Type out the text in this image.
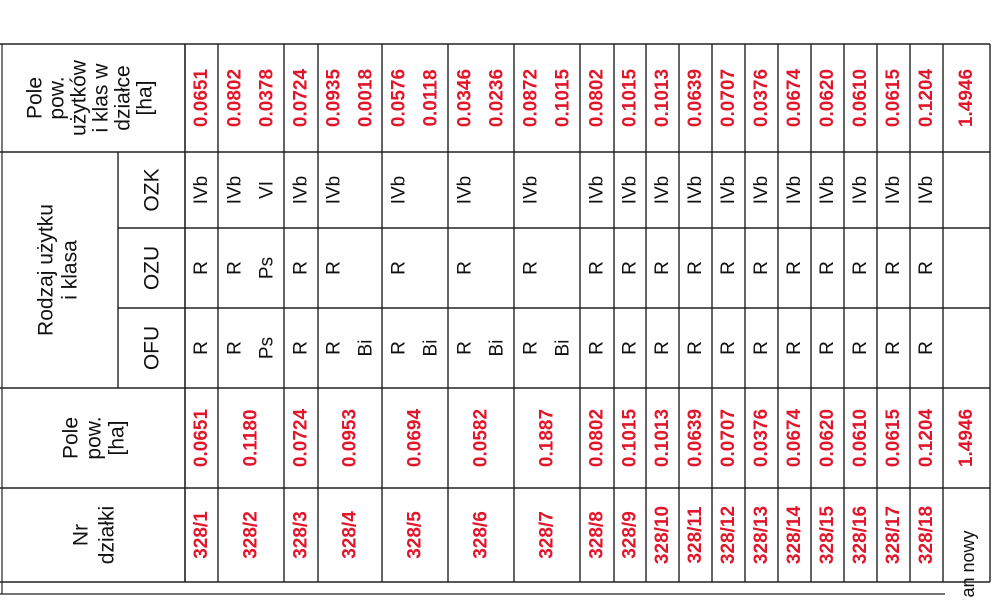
Nr działki
Pole pow. [ha]
Rodzaj użytku i klasa
OFU
OZU
OZK
Pole pow. użytków i klas w działce [ha]
328/1
0.0651
R
R
IVb
0.0651
328/2
0.1180
R Ps
R Ps
IVb VI
0.0802 0.0378
328/3
0.0724
R
R
IVb
0.0724
328/4
0.0953
R Bi
R
IVb
0.0935 0.0018
328/5
0.0694
R Bi
R
IVb
0.0576 0.0118
328/6
0.0582
R Bi
R
IVb
0.0346 0.0236
328/7
0.1887
R Bi
R
IVb
0.0872 0.1015
328/8
0.0802
R
R
IVb
0.0802
328/9
0.1015
R
R
IVb
0.1015
328/10
0.1013
R
R
IVb
0.1013
328/11
0.0639
R
R
IVb
0.0639
328/12
0.0707
R
R
IVb
0.0707
328/13
0.0376
R
R
IVb
0.0376
328/14
0.0674
R
R
IVb
0.0674
328/15
0.0620
R
R
IVb
0.0620
328/16
0.0610
R
R
IVb
0.0610
328/17
0.0615
R
R
IVb
0.0615
328/18
0.1204
R
R
IVb
0.1204
1.4946
1.4946
an nowy
